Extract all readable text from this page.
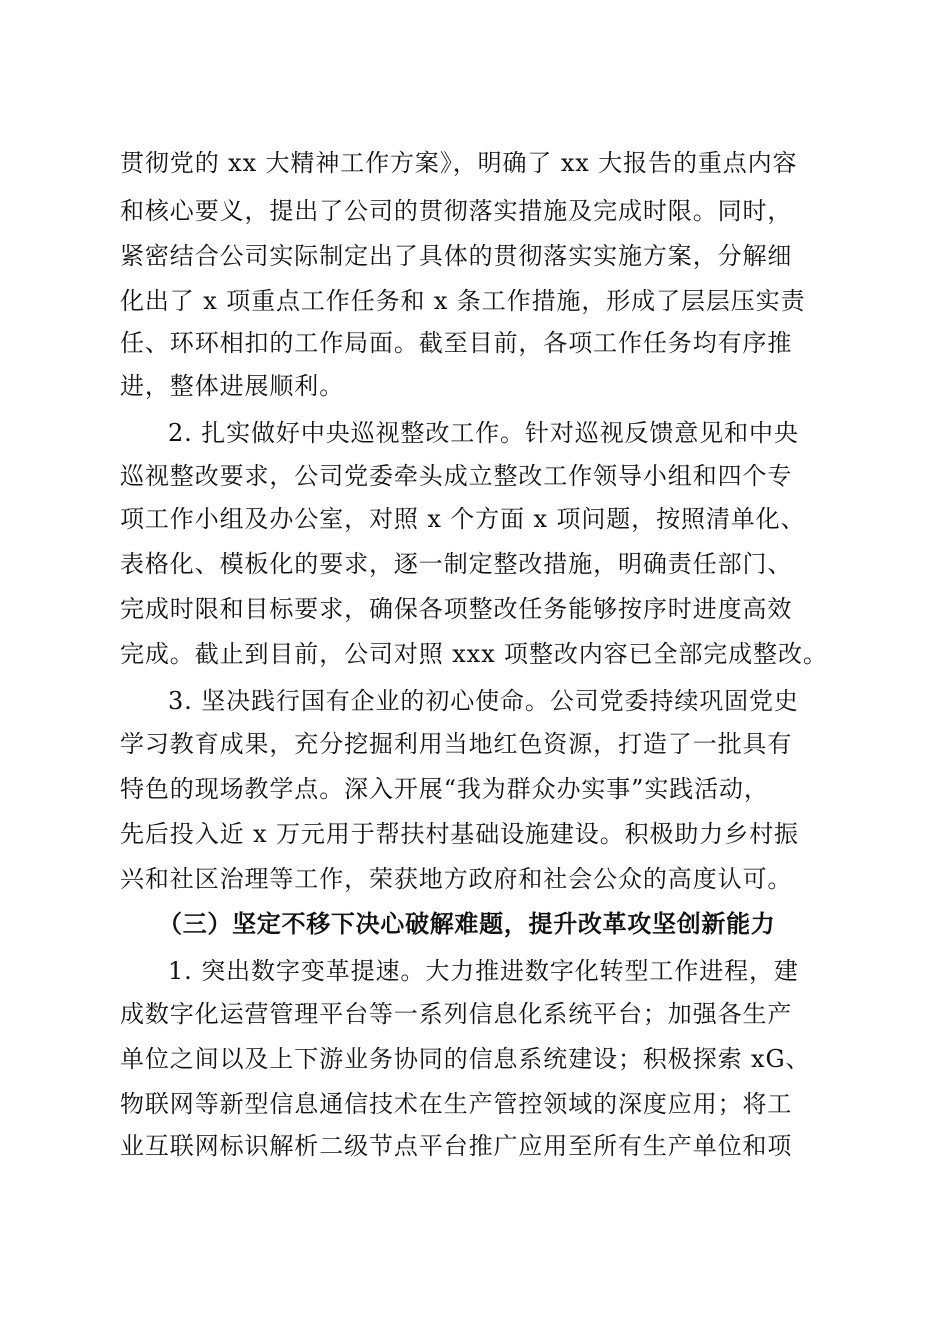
贯彻党的 xx 大精神工作方案》，明确了 xx 大报告的重点内容
和核心要义，提出了公司的贯彻落实措施及完成时限。同时，
紧密结合公司实际制定出了具体的贯彻落实实施方案，分解细
化出了 x 项重点工作任务和 x 条工作措施，形成了层层压实责
任、环环相扣的工作局面。截至目前，各项工作任务均有序推
进，整体进展顺利。
2. 扎实做好中央巡视整改工作。针对巡视反馈意见和中央
巡视整改要求，公司党委牵头成立整改工作领导小组和四个专
项工作小组及办公室，对照 x 个方面 x 项问题，按照清单化、
表格化、模板化的要求，逐一制定整改措施，明确责任部门、
完成时限和目标要求，确保各项整改任务能够按序时进度高效
完成。截止到目前，公司对照 xxx 项整改内容已全部完成整改。
3. 坚决践行国有企业的初心使命。公司党委持续巩固党史
学习教育成果，充分挖掘利用当地红色资源，打造了一批具有
特色的现场教学点。深入开展“我为群众办实事”实践活动，
先后投入近 x 万元用于帮扶村基础设施建设。积极助力乡村振
兴和社区治理等工作，荣获地方政府和社会公众的高度认可。
（三）坚定不移下决心破解难题，提升改革攻坚创新能力
1. 突出数字变革提速。大力推进数字化转型工作进程，建
成数字化运营管理平台等一系列信息化系统平台；加强各生产
单位之间以及上下游业务协同的信息系统建设；积极探索 xG、
物联网等新型信息通信技术在生产管控领域的深度应用；将工
业互联网标识解析二级节点平台推广应用至所有生产单位和项
